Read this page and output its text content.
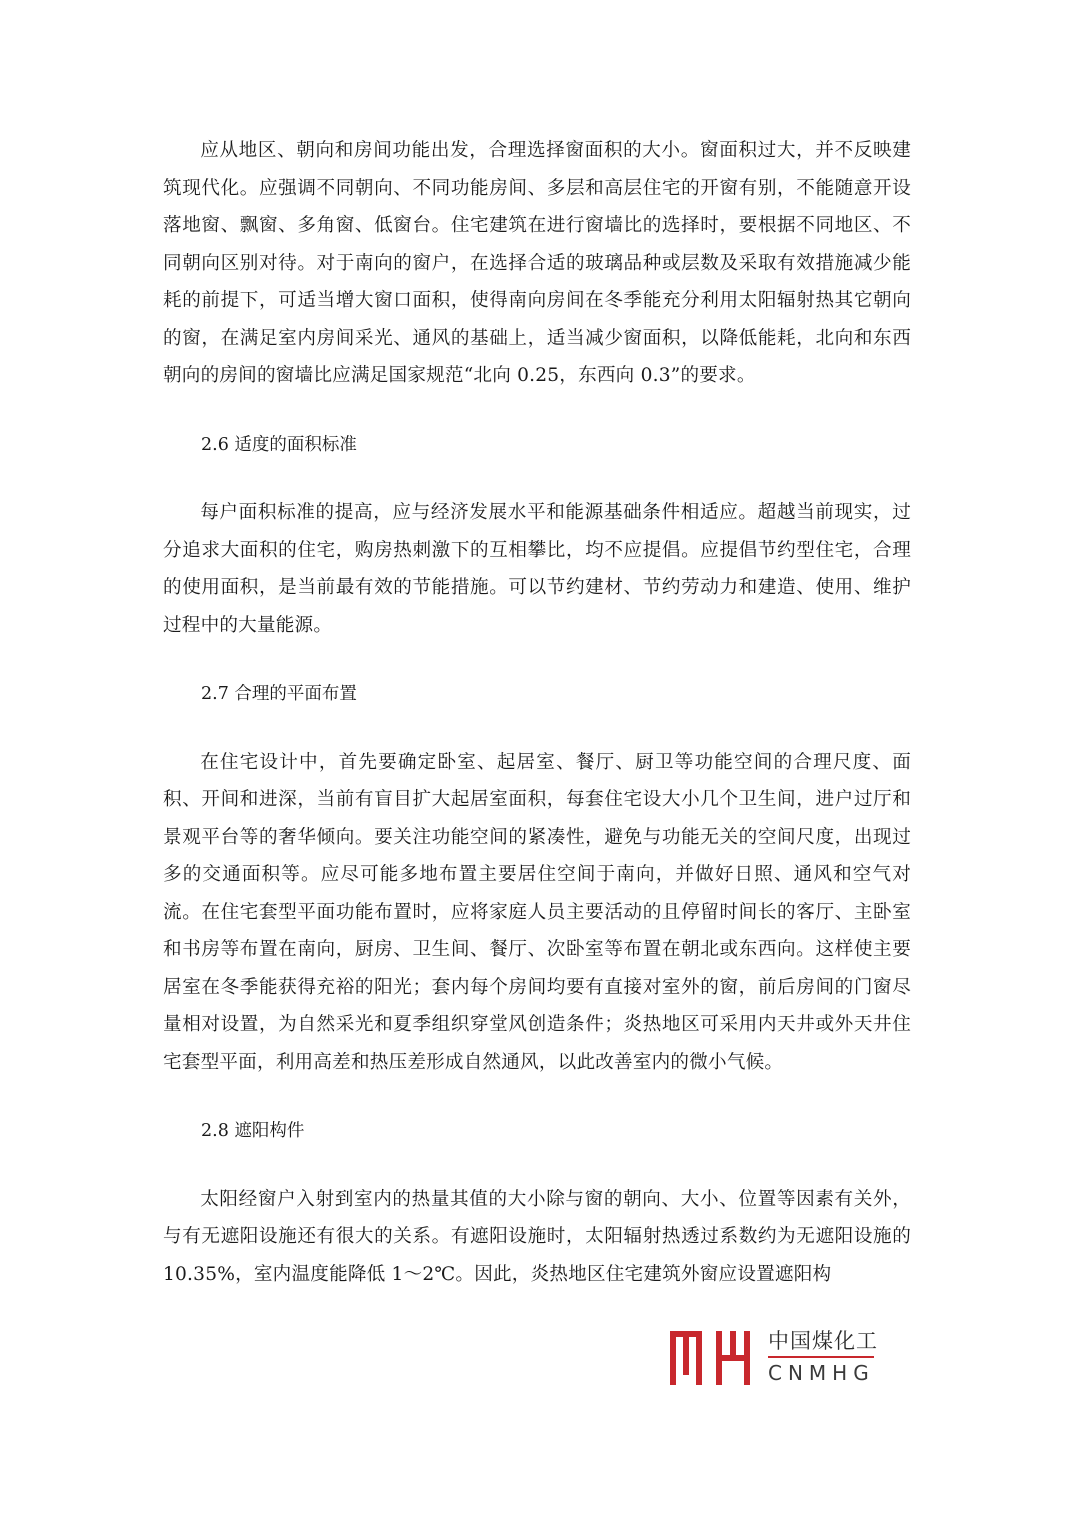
应从地区、朝向和房间功能出发，合理选择窗面积的大小。窗面积过大，并不反映建筑现代化。应强调不同朝向、不同功能房间、多层和高层住宅的开窗有别，不能随意开设落地窗、飘窗、多角窗、低窗台。住宅建筑在进行窗墙比的选择时，要根据不同地区、不同朝向区别对待。对于南向的窗户，在选择合适的玻璃品种或层数及采取有效措施减少能耗的前提下，可适当增大窗口面积，使得南向房间在冬季能充分利用太阳辐射热其它朝向的窗，在满足室内房间采光、通风的基础上，适当减少窗面积，以降低能耗，北向和东西朝向的房间的窗墙比应满足国家规范“北向 0.25，东西向 0.3”的要求。

2.6 适度的面积标准

每户面积标准的提高，应与经济发展水平和能源基础条件相适应。超越当前现实，过分追求大面积的住宅，购房热刺激下的互相攀比，均不应提倡。应提倡节约型住宅，合理的使用面积，是当前最有效的节能措施。可以节约建材、节约劳动力和建造、使用、维护过程中的大量能源。

2.7 合理的平面布置

在住宅设计中，首先要确定卧室、起居室、餐厅、厨卫等功能空间的合理尺度、面积、开间和进深，当前有盲目扩大起居室面积，每套住宅设大小几个卫生间，进户过厅和景观平台等的奢华倾向。要关注功能空间的紧凑性，避免与功能无关的空间尺度，出现过多的交通面积等。应尽可能多地布置主要居住空间于南向，并做好日照、通风和空气对流。在住宅套型平面功能布置时，应将家庭人员主要活动的且停留时间长的客厅、主卧室和书房等布置在南向，厨房、卫生间、餐厅、次卧室等布置在朝北或东西向。这样使主要居室在冬季能获得充裕的阳光；套内每个房间均要有直接对室外的窗，前后房间的门窗尽量相对设置，为自然采光和夏季组织穿堂风创造条件；炎热地区可采用内天井或外天井住宅套型平面，利用高差和热压差形成自然通风，以此改善室内的微小气候。

2.8 遮阳构件

太阳经窗户入射到室内的热量其值的大小除与窗的朝向、大小、位置等因素有关外，与有无遮阳设施还有很大的关系。有遮阳设施时，太阳辐射热透过系数约为无遮阳设施的 10.35%，室内温度能降低 1～2℃。因此，炎热地区住宅建筑外窗应设置遮阳构

中国煤化工
CNMHG
